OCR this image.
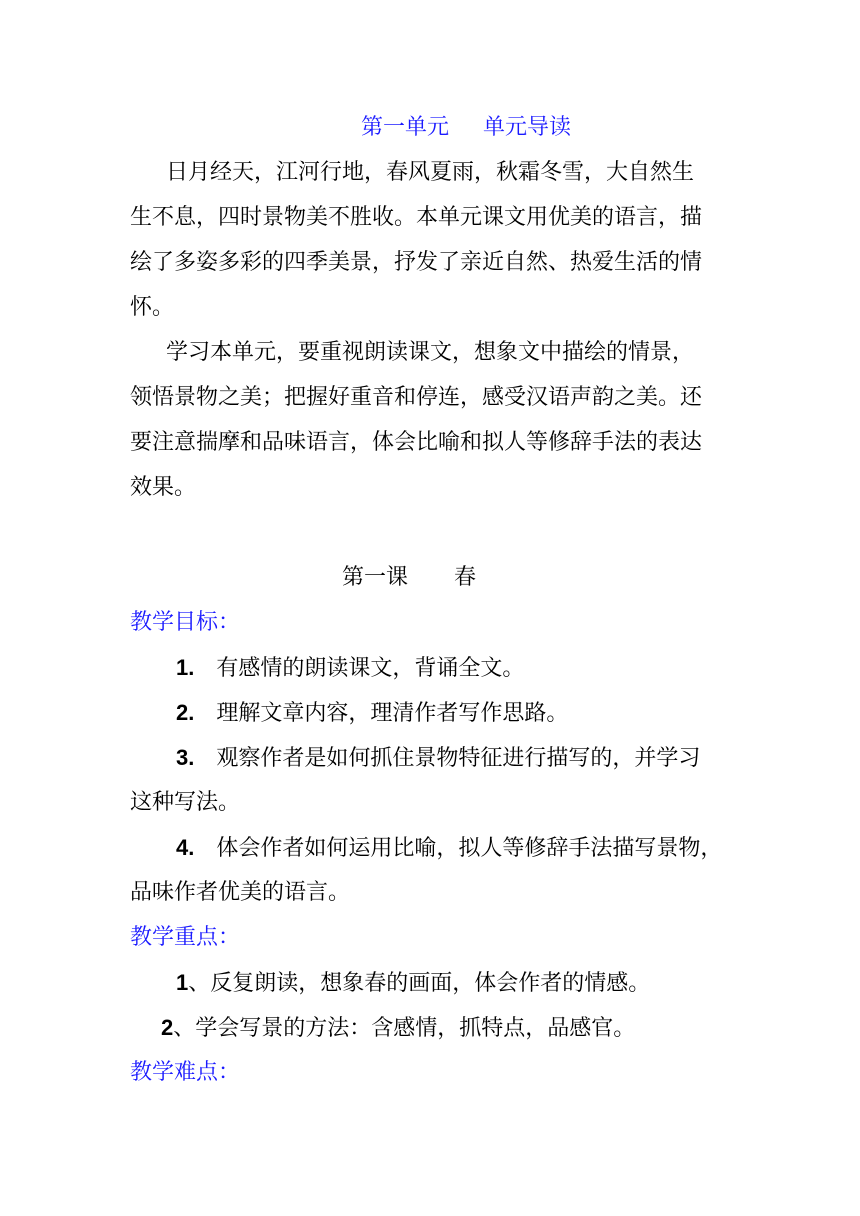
第一单元 单元导读
日月经天，江河行地，春风夏雨，秋霜冬雪，大自然生
生不息，四时景物美不胜收。本单元课文用优美的语言，描
绘了多姿多彩的四季美景，抒发了亲近自然、热爱生活的情
怀。
学习本单元，要重视朗读课文，想象文中描绘的情景，
领悟景物之美；把握好重音和停连，感受汉语声韵之美。还
要注意揣摩和品味语言，体会比喻和拟人等修辞手法的表达
效果。
第一课 春
教学目标：
1. 有感情的朗读课文，背诵全文。
2. 理解文章内容，理清作者写作思路。
3. 观察作者是如何抓住景物特征进行描写的，并学习
这种写法。
4. 体会作者如何运用比喻，拟人等修辞手法描写景物，
品味作者优美的语言。
教学重点：
1、反复朗读，想象春的画面，体会作者的情感。
2、学会写景的方法：含感情，抓特点，品感官。
教学难点：
